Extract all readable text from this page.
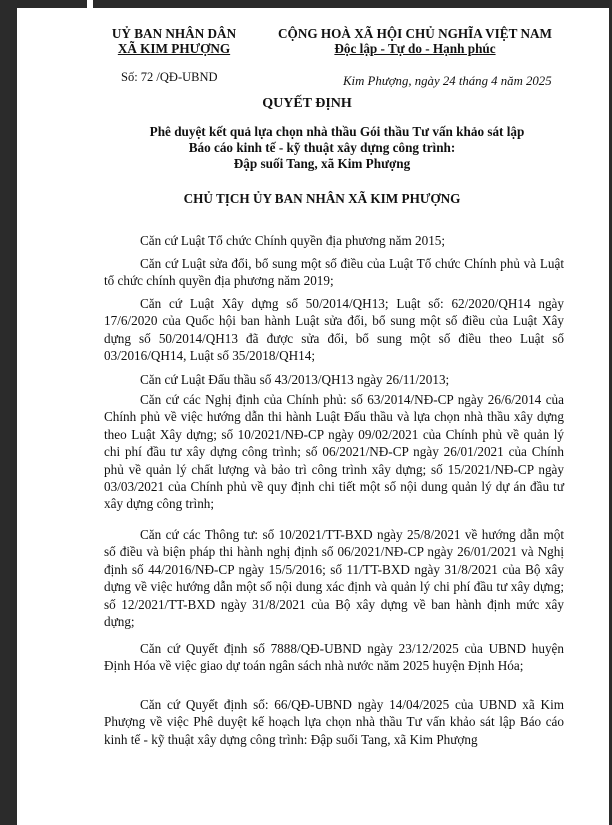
UỶ BAN NHÂN DÂN
XÃ KIM PHƯỢNG
CỘNG HOÀ XÃ HỘI CHỦ NGHĨA VIỆT NAM
Độc lập - Tự do - Hạnh phúc
Số: 72 /QĐ-UBND	Kim Phượng, ngày 24 tháng 4 năm 2025
QUYẾT ĐỊNH
Phê duyệt kết quả lựa chọn nhà thầu Gói thầu Tư vấn khảo sát lập
Báo cáo kinh tế - kỹ thuật xây dựng công trình:
Đập suối Tang, xã Kim Phượng
CHỦ TỊCH ỦY BAN NHÂN XÃ KIM PHƯỢNG
Căn cứ Luật Tổ chức Chính quyền địa phương năm 2015;
Căn cứ Luật sửa đổi, bổ sung một số điều của Luật Tổ chức Chính phủ và Luật tổ chức chính quyền địa phương năm 2019;
Căn cứ Luật Xây dựng số 50/2014/QH13; Luật số: 62/2020/QH14 ngày 17/6/2020 của Quốc hội ban hành Luật sửa đổi, bổ sung một số điều của Luật Xây dựng số 50/2014/QH13 đã được sửa đổi, bổ sung một số điều theo Luật số 03/2016/QH14, Luật số 35/2018/QH14;
Căn cứ Luật Đấu thầu số 43/2013/QH13 ngày 26/11/2013;
Căn cứ các Nghị định của Chính phủ: số 63/2014/NĐ-CP ngày 26/6/2014 của Chính phủ về việc hướng dẫn thi hành Luật Đấu thầu và lựa chọn nhà thầu xây dựng theo Luật Xây dựng; số 10/2021/NĐ-CP ngày 09/02/2021 của Chính phủ về quản lý chi phí đầu tư xây dựng công trình; số 06/2021/NĐ-CP ngày 26/01/2021 của Chính phủ về quản lý chất lượng và bảo trì công trình xây dựng; số 15/2021/NĐ-CP ngày 03/03/2021 của Chính phủ về quy định chi tiết một số nội dung quản lý dự án đầu tư xây dựng công trình;
Căn cứ các Thông tư: số 10/2021/TT-BXD ngày 25/8/2021 về hướng dẫn một số điều và biện pháp thi hành nghị định số 06/2021/NĐ-CP ngày 26/01/2021 và Nghị định số 44/2016/NĐ-CP ngày 15/5/2016; số 11/TT-BXD ngày 31/8/2021 của Bộ xây dựng về việc hướng dẫn một số nội dung xác định và quản lý chi phí đầu tư xây dựng; số 12/2021/TT-BXD ngày 31/8/2021 của Bộ xây dựng về ban hành định mức xây dựng;
Căn cứ Quyết định số 7888/QĐ-UBND ngày 23/12/2025 của UBND huyện Định Hóa về việc giao dự toán ngân sách nhà nước năm 2025 huyện Định Hóa;
Căn cứ Quyết định số: 66/QĐ-UBND ngày 14/04/2025 của UBND xã Kim Phượng về việc Phê duyệt kế hoạch lựa chọn nhà thầu Tư vấn khảo sát lập Báo cáo kinh tế - kỹ thuật xây dựng công trình: Đập suối Tang, xã Kim Phượng
